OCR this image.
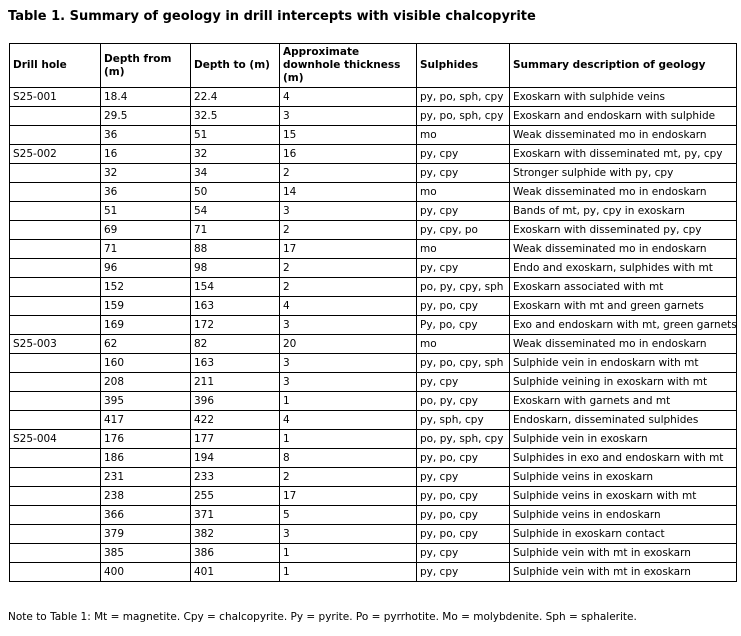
Table 1. Summary of geology in drill intercepts with visible chalcopyrite
Drill hole	Depth from (m)	Depth to (m)	Approximate downhole thickness (m)	Sulphides	Summary description of geology
S25-001	18.4	22.4	4	py, po, sph, cpy	Exoskarn with sulphide veins
	29.5	32.5	3	py, po, sph, cpy	Exoskarn and endoskarn with sulphide
	36	51	15	mo	Weak disseminated mo in endoskarn
S25-002	16	32	16	py, cpy	Exoskarn with disseminated mt, py, cpy
	32	34	2	py, cpy	Stronger sulphide with py, cpy
	36	50	14	mo	Weak disseminated mo in endoskarn
	51	54	3	py, cpy	Bands of mt, py, cpy in exoskarn
	69	71	2	py, cpy, po	Exoskarn with disseminated py, cpy
	71	88	17	mo	Weak disseminated mo in endoskarn
	96	98	2	py, cpy	Endo and exoskarn, sulphides with mt
	152	154	2	po, py, cpy, sph	Exoskarn associated with mt
	159	163	4	py, po, cpy	Exoskarn with mt and green garnets
	169	172	3	Py, po, cpy	Exo and endoskarn with mt, green garnets
S25-003	62	82	20	mo	Weak disseminated mo in endoskarn
	160	163	3	py, po, cpy, sph	Sulphide vein in endoskarn with mt
	208	211	3	py, cpy	Sulphide veining in exoskarn with mt
	395	396	1	po, py, cpy	Exoskarn with garnets and mt
	417	422	4	py, sph, cpy	Endoskarn, disseminated sulphides
S25-004	176	177	1	po, py, sph, cpy	Sulphide vein in exoskarn
	186	194	8	py, po, cpy	Sulphides in exo and endoskarn with mt
	231	233	2	py, cpy	Sulphide veins in exoskarn
	238	255	17	py, po, cpy	Sulphide veins in exoskarn with mt
	366	371	5	py, po, cpy	Sulphide veins in endoskarn
	379	382	3	py, po, cpy	Sulphide in exoskarn contact
	385	386	1	py, cpy	Sulphide vein with mt in exoskarn
	400	401	1	py, cpy	Sulphide vein with mt in exoskarn
Note to Table 1: Mt = magnetite. Cpy = chalcopyrite. Py = pyrite. Po = pyrrhotite. Mo = molybdenite. Sph = sphalerite.
